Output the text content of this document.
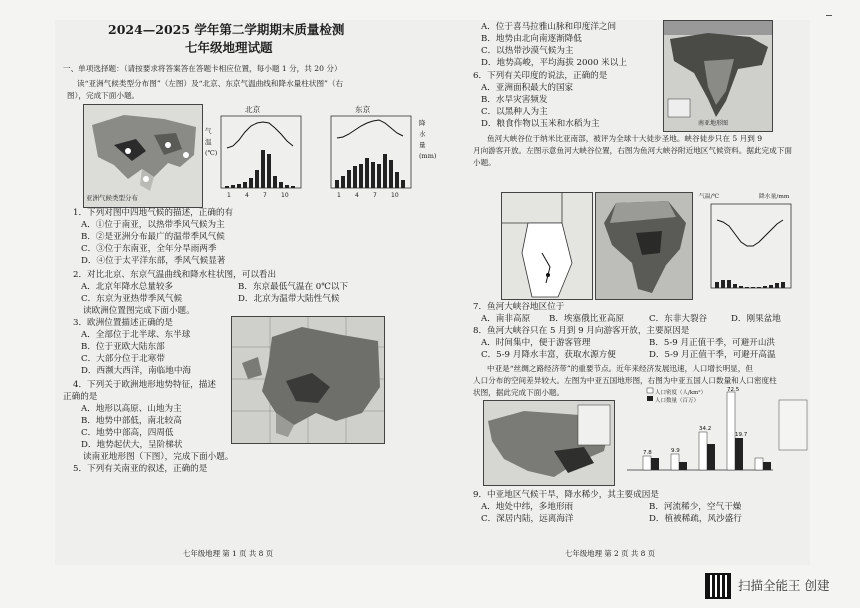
2024—2025 学年第二学期期末质量检测
七年级地理试题
一、单项选择题：（请按要求将答案答在答题卡相应位置，每小题 1 分，共 20 分）
读“亚洲气候类型分布图”（左图）及“北京、东京气温曲线和降水量柱状图”（右
图），完成下面小题。
亚洲气候类型分布
北京	东京
气温(℃)
降水量(mm)
1 4 7 10	1 4 7 10
1．下列对图中四地气候的描述，正确的有
A．①位于南亚，以热带季风气候为主
B．②是亚洲分布最广的温带季风气候
C．③位于东南亚，全年分旱雨两季
D．④位于太平洋东部，季风气候显著
2．对比北京、东京气温曲线和降水柱状图，可以看出
A．北京年降水总量较多	B．东京最低气温在 0℃以下
C．东京为亚热带季风气候	D．北京为温带大陆性气候
读欧洲位置图完成下面小题。
3．欧洲位置描述正确的是
A．全部位于北半球、东半球
B．位于亚欧大陆东部
C．大部分位于北寒带
D．西濒大西洋，南临地中海
4．下列关于欧洲地形地势特征，描述
正确的是
A．地形以高原、山地为主
B．地势中部低，南北较高
C．地势中部高，四周低
D．地势起伏大，呈阶梯状
读南亚地形图（下图），完成下面小题。
5．下列有关南亚的叙述，正确的是
七年级地理 第 1 页 共 8 页
A．位于喜马拉雅山脉和印度洋之间
B．地势由北向南逐渐降低
C．以热带沙漠气候为主
D．地势高峻，平均海拔 2000 米以上
6．下列有关印度的说法，正确的是
A．亚洲面积最大的国家
B．水旱灾害频发
C．以黑种人为主
D．粮食作物以玉米和水稻为主	南亚地形图
鱼河大峡谷位于纳米比亚南部，被评为全球十大徒步圣地。峡谷徒步只在 5 月到 9
月向游客开放。左图示意鱼河大峡谷位置，右图为鱼河大峡谷附近地区气候资料。据此完成下面
小题。
气温/℃	降水量/mm
7．鱼河大峡谷地区位于
A．南非高原 B．埃塞俄比亚高原	C．东非大裂谷	D．刚果盆地
8．鱼河大峡谷只在 5 月到 9 月向游客开放，主要原因是
A．时间集中，便于游客管理	B．5-9 月正值干季，可避开山洪
C．5-9 月降水丰富，获取水源方便	D．5-9 月正值干季，可避开高温
中亚是“丝绸之路经济带”的重要节点。近年来经济发展迅速，人口增长明显，但
人口分布的空间差异较大。左图为中亚五国地形图，右图为中亚五国人口数量和人口密度柱
状图，据此完成下面小题。	人口密度（人/km²）
人口数量（百万）
72.5
34.2
19.7
9.9
7.8
9．中亚地区气候干旱，降水稀少，其主要成因是
A．地处中纬，多地形雨	B．河流稀少，空气干燥
C．深居内陆，远离海洋	D．植被稀疏，风沙盛行
七年级地理 第 2 页 共 8 页
扫描全能王 创建
